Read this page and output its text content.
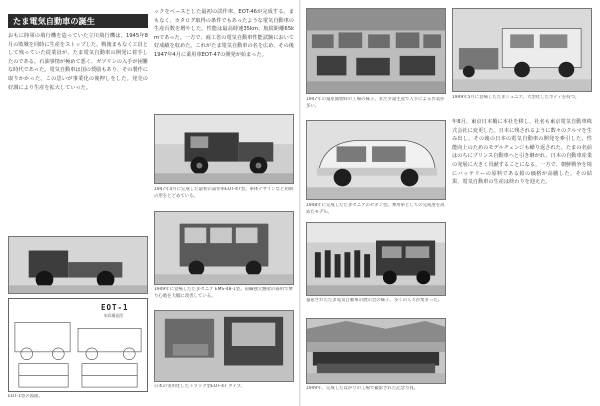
たま電気自動車の誕生
おもに陸軍の飛行機を造っていた立川飛行機は、1945年8月の敗戦を同時に生産をストップした。戦後まもなく工員として残っていた従業員が、たま電気自動車の開発に着手したのである。石油事情が極めて悪く、ガソリンの入手が困難な時代であった。電気自動車は国の奨励もあり、その製作に取りかかった。この思いが事業化の後押しをした。発売の好調により生産を拡大していった。
ックをベースとした最初の試作車、EOT-46が完成する。まもなく、カタログ取得の条件でもあったような電気自動車の生産台数を増やした。性能は最高時速35km、航続距離65kmであった。一方で、商工省の電気自動車性能試験において好成績を収めた。これがたま電気自動車の名を広め、その後1947年4月に乗用車EOT-47の開発が始まった。
1947年4月に完成した最初の試作車EOT-47型。車体デザインなど初期の形をとどめている。
1949年に登場したたまセニア EMS-48-1型。前輪独立懸架の採用で乗り心地を大幅に改善している。
EOT-1
車両構造図
EOT-1型の図面。
日本の実用化したトラック型EOT-47 タイプ。
1947年の量産開始時の工場の様子。まだ少量生産で人手による作業が多い。
1949年5月に登場したたまジュニア。大型化したボディを持つ。
年8月、東京日本橋に本社を移し、社名も東京電気自動車株式会社に変更した。日本に残されるように数々のクルマを生み出し、その後の日本の電気自動車の開発を牽引した。性能向上のためのモデルチェンジも繰り返された。たまの名前はのちにプリンス自動車へと引き継がれ、日本の自動車産業の発展に大きく貢献することになる。一方で、朝鮮戦争を境にバッテリーの原料である鉛の価格が高騰した。その結果、電気自動車の生産は終わりを迎えた。
1948年に完成したたまセニアのセダン型。乗用車としての完成度を高めたモデル。
量産されたたま電気自動車の展示会の様子。多くの人々が集まった。
1949年、完成したばかりの工場で撮影された記念写真。
